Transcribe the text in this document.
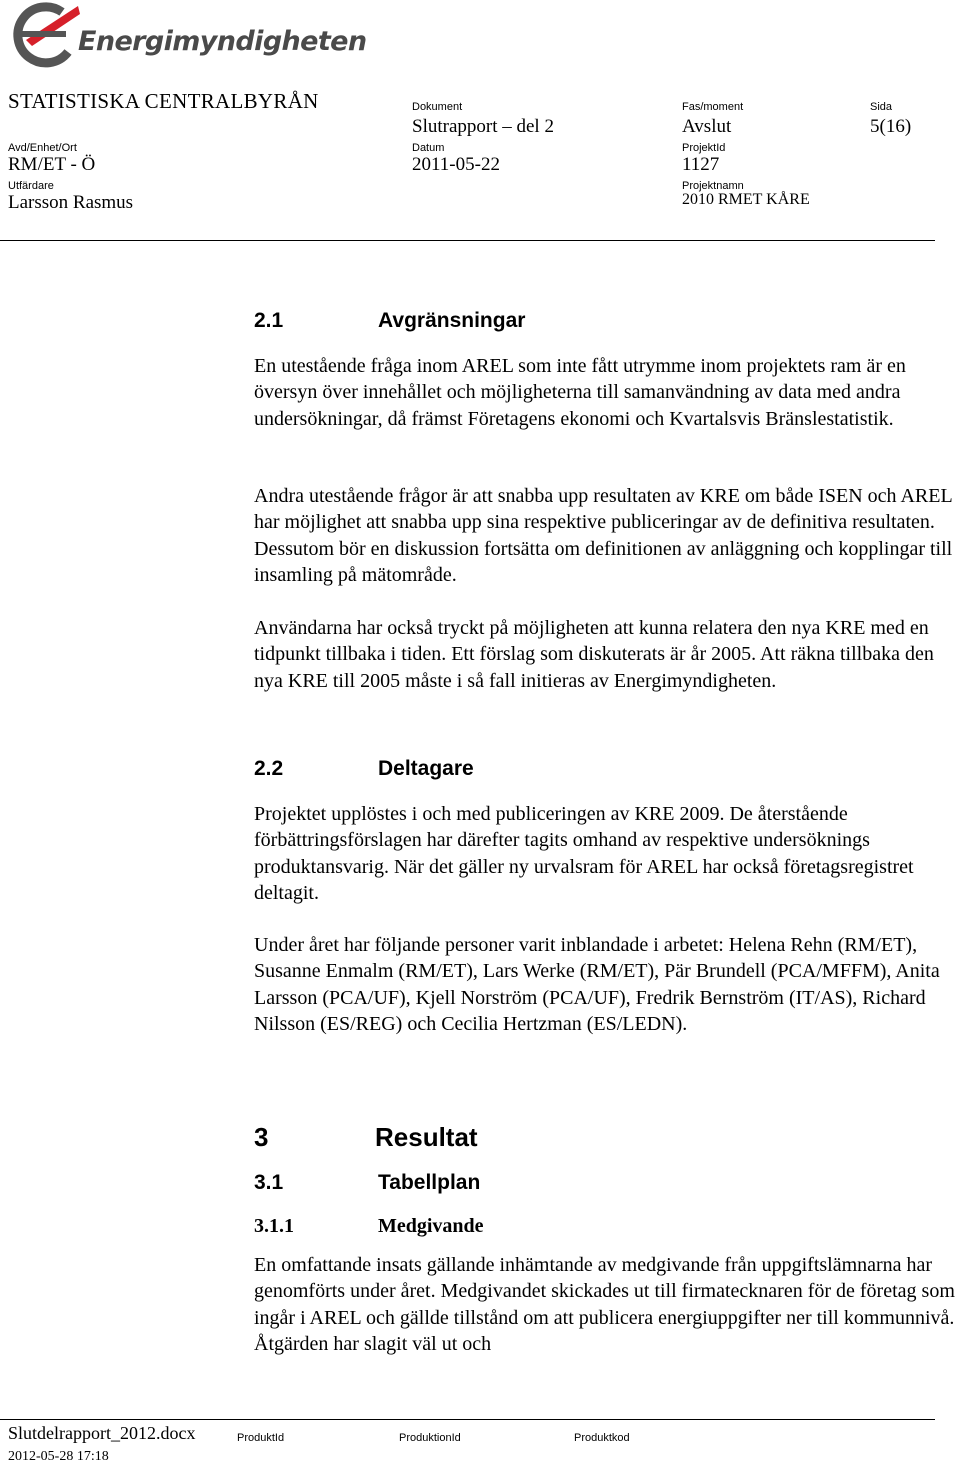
Energimyndigheten
STATISTISKA CENTRALBYRÅN	Dokument
Slutrapport – del 2
Fas/moment
Avslut
Sida
5(16)
Avd/Enhet/Ort
RM/ET - Ö
Datum
2011-05-22
ProjektId
1127
Utfärdare
Larsson Rasmus
Projektnamn
2010 RMET KÅRE
2.1	Avgränsningar

En utestående fråga inom AREL som inte fått utrymme inom projektets ram är en översyn över innehållet och möjligheterna till samanvändning av data med andra undersökningar, då främst Företagens ekonomi och Kvartalsvis Bränslestatistik.

Andra utestående frågor är att snabba upp resultaten av KRE om både ISEN och AREL har möjlighet att snabba upp sina respektive publiceringar av de definitiva resultaten. Dessutom bör en diskussion fortsätta om definitionen av anläggning och kopplingar till insamling på mätområde.

Användarna har också tryckt på möjligheten att kunna relatera den nya KRE med en tidpunkt tillbaka i tiden. Ett förslag som diskuterats är år 2005. Att räkna tillbaka den nya KRE till 2005 måste i så fall initieras av Energimyndigheten.

2.2	Deltagare

Projektet upplöstes i och med publiceringen av KRE 2009. De återstående förbättringsförslagen har därefter tagits omhand av respektive undersöknings produktansvarig. När det gäller ny urvalsram för AREL har också företagsregistret deltagit.

Under året har följande personer varit inblandade i arbetet: Helena Rehn (RM/ET), Susanne Enmalm (RM/ET), Lars Werke (RM/ET), Pär Brundell (PCA/MFFM), Anita Larsson (PCA/UF), Kjell Norström (PCA/UF), Fredrik Bernström (IT/AS), Richard Nilsson (ES/REG) och Cecilia Hertzman (ES/LEDN).

3	Resultat
3.1	Tabellplan
3.1.1	Medgivande

En omfattande insats gällande inhämtande av medgivande från uppgiftslämnarna har genomförts under året. Medgivandet skickades ut till firmatecknaren för de företag som ingår i AREL och gällde tillstånd om att publicera energiuppgifter ner till kommunnivå. Åtgärden har slagit väl ut och

Slutdelrapport_2012.docx
2012-05-28 17:18
ProduktId	ProduktionId	Produktkod
